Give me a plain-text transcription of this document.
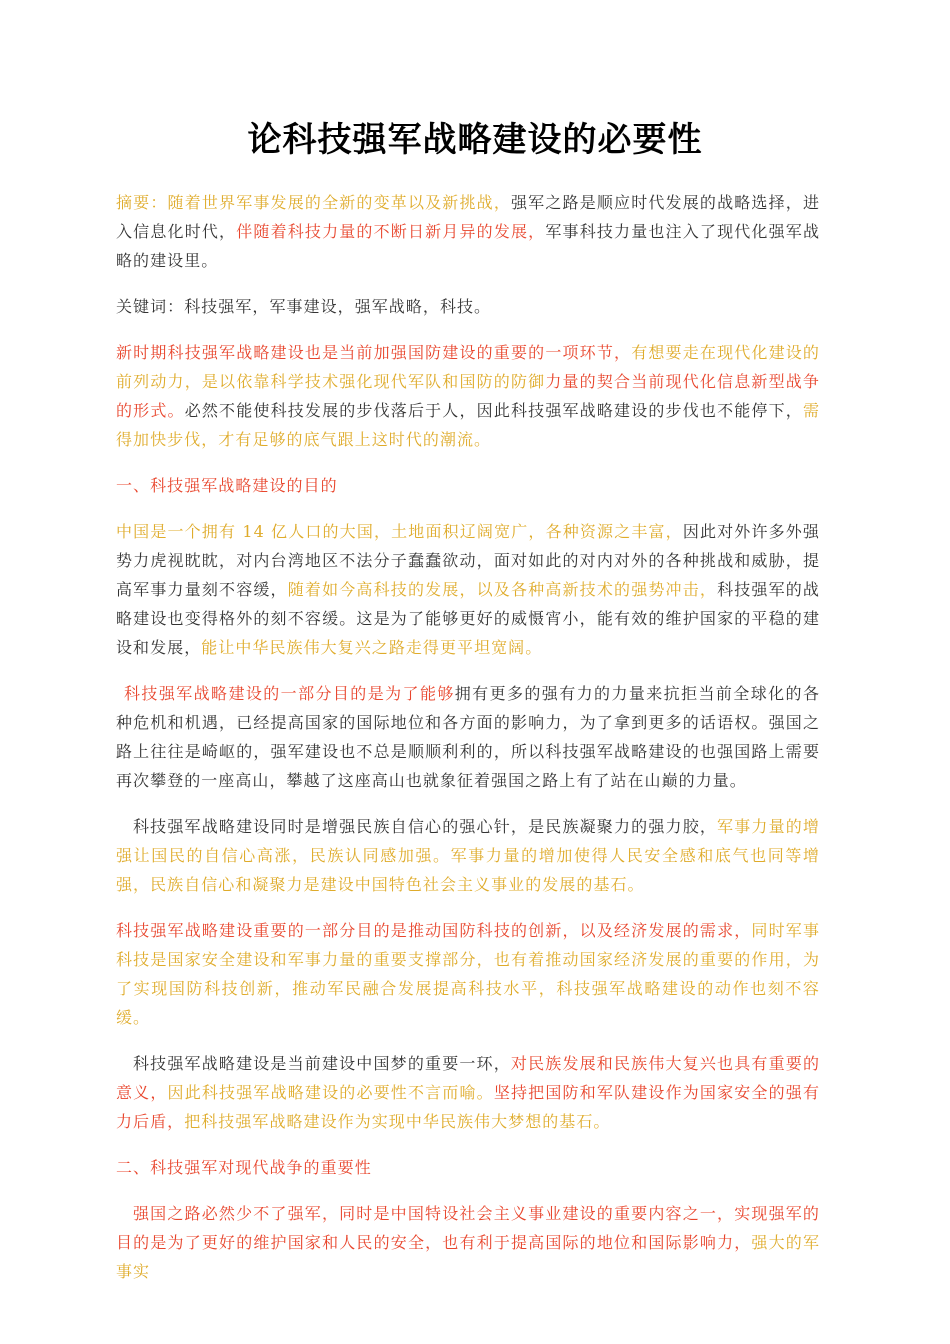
论科技强军战略建设的必要性

摘要：随着世界军事发展的全新的变革以及新挑战，强军之路是顺应时代发展的战略选择，进入信息化时代，伴随着科技力量的不断日新月异的发展，军事科技力量也注入了现代化强军战略的建设里。

关键词：科技强军，军事建设，强军战略，科技。

新时期科技强军战略建设也是当前加强国防建设的重要的一项环节，有想要走在现代化建设的前列动力，是以依靠科学技术强化现代军队和国防的防御力量的契合当前现代化信息新型战争的形式。必然不能使科技发展的步伐落后于人，因此科技强军战略建设的步伐也不能停下，需得加快步伐，才有足够的底气跟上这时代的潮流。

一、科技强军战略建设的目的

中国是一个拥有 14 亿人口的大国，土地面积辽阔宽广，各种资源之丰富，因此对外许多外强势力虎视眈眈，对内台湾地区不法分子蠢蠢欲动，面对如此的对内对外的各种挑战和威胁，提高军事力量刻不容缓，随着如今高科技的发展，以及各种高新技术的强势冲击，科技强军的战略建设也变得格外的刻不容缓。这是为了能够更好的威慑宵小，能有效的维护国家的平稳的建设和发展，能让中华民族伟大复兴之路走得更平坦宽阔。

科技强军战略建设的一部分目的是为了能够拥有更多的强有力的力量来抗拒当前全球化的各种危机和机遇，已经提高国家的国际地位和各方面的影响力，为了拿到更多的话语权。强国之路上往往是崎岖的，强军建设也不总是顺顺利利的，所以科技强军战略建设的也强国路上需要再次攀登的一座高山，攀越了这座高山也就象征着强国之路上有了站在山巅的力量。

科技强军战略建设同时是增强民族自信心的强心针，是民族凝聚力的强力胶，军事力量的增强让国民的自信心高涨，民族认同感加强。军事力量的增加使得人民安全感和底气也同等增强，民族自信心和凝聚力是建设中国特色社会主义事业的发展的基石。

科技强军战略建设重要的一部分目的是推动国防科技的创新，以及经济发展的需求，同时军事科技是国家安全建设和军事力量的重要支撑部分，也有着推动国家经济发展的重要的作用，为了实现国防科技创新，推动军民融合发展提高科技水平，科技强军战略建设的动作也刻不容缓。

科技强军战略建设是当前建设中国梦的重要一环，对民族发展和民族伟大复兴也具有重要的意义，因此科技强军战略建设的必要性不言而喻。坚持把国防和军队建设作为国家安全的强有力后盾，把科技强军战略建设作为实现中华民族伟大梦想的基石。

二、科技强军对现代战争的重要性

强国之路必然少不了强军，同时是中国特设社会主义事业建设的重要内容之一，实现强军的目的是为了更好的维护国家和人民的安全，也有利于提高国际的地位和国际影响力，强大的军事实
